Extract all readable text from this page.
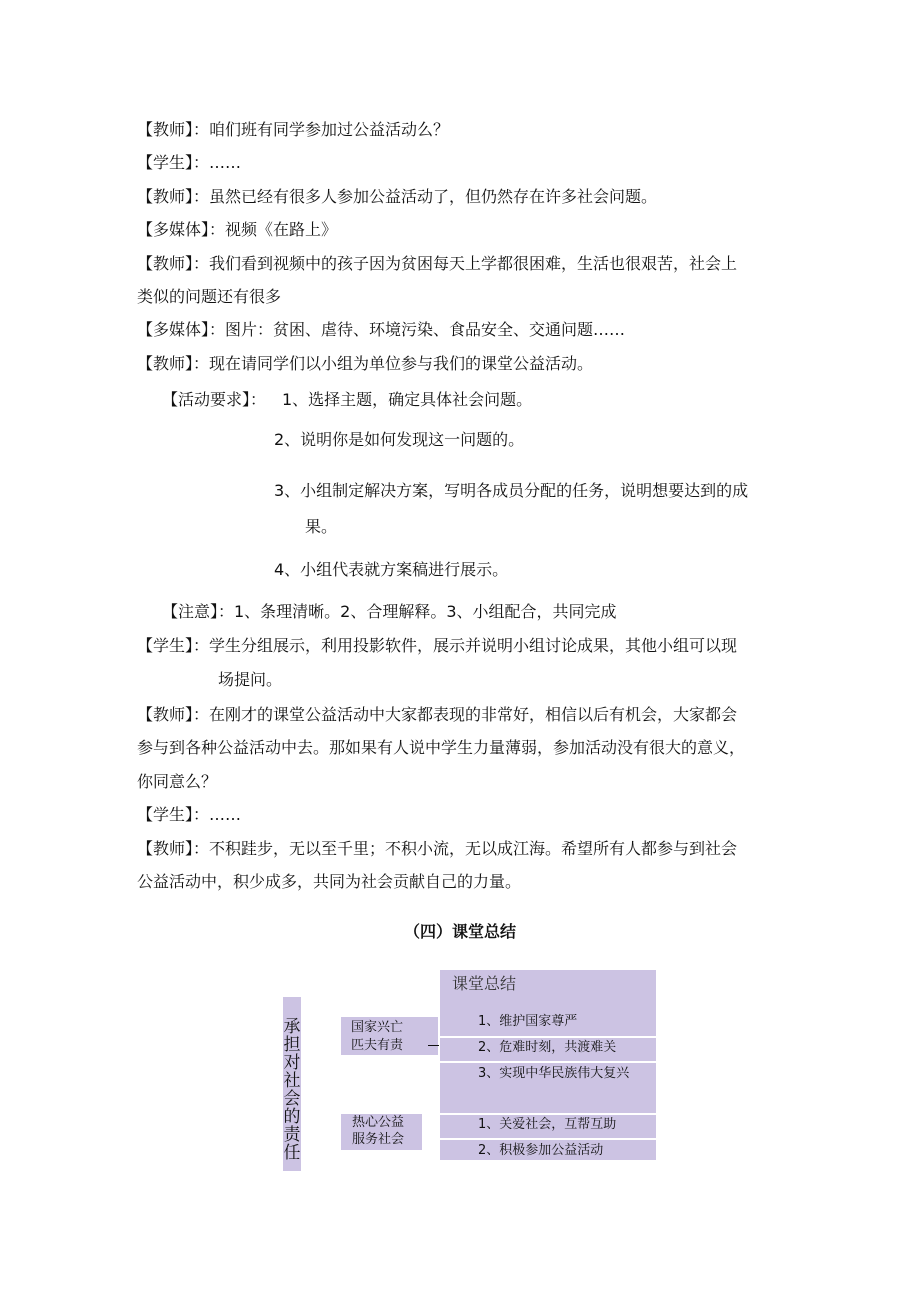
【教师】：咱们班有同学参加过公益活动么？
【学生】：……
【教师】：虽然已经有很多人参加公益活动了，但仍然存在许多社会问题。
【多媒体】：视频《在路上》
【教师】：我们看到视频中的孩子因为贫困每天上学都很困难，生活也很艰苦，社会上
类似的问题还有很多
【多媒体】：图片：贫困、虐待、环境污染、食品安全、交通问题……
【教师】：现在请同学们以小组为单位参与我们的课堂公益活动。
【活动要求】： 1、选择主题，确定具体社会问题。
2、说明你是如何发现这一问题的。
3、小组制定解决方案，写明各成员分配的任务，说明想要达到的成
果。
4、小组代表就方案稿进行展示。
【注意】：1、条理清晰。2、合理解释。3、小组配合，共同完成
【学生】：学生分组展示，利用投影软件，展示并说明小组讨论成果，其他小组可以现
场提问。
【教师】：在刚才的课堂公益活动中大家都表现的非常好，相信以后有机会，大家都会
参与到各种公益活动中去。那如果有人说中学生力量薄弱，参加活动没有很大的意义，
你同意么？
【学生】：……
【教师】：不积跬步，无以至千里；不积小流，无以成江海。希望所有人都参与到社会
公益活动中，积少成多，共同为社会贡献自己的力量。
（四）课堂总结
承担对社会的责任
国家兴亡
匹夫有责
热心公益
服务社会
课堂总结
1、维护国家尊严
2、危难时刻，共渡难关
3、实现中华民族伟大复兴
1、关爱社会，互帮互助
2、积极参加公益活动
